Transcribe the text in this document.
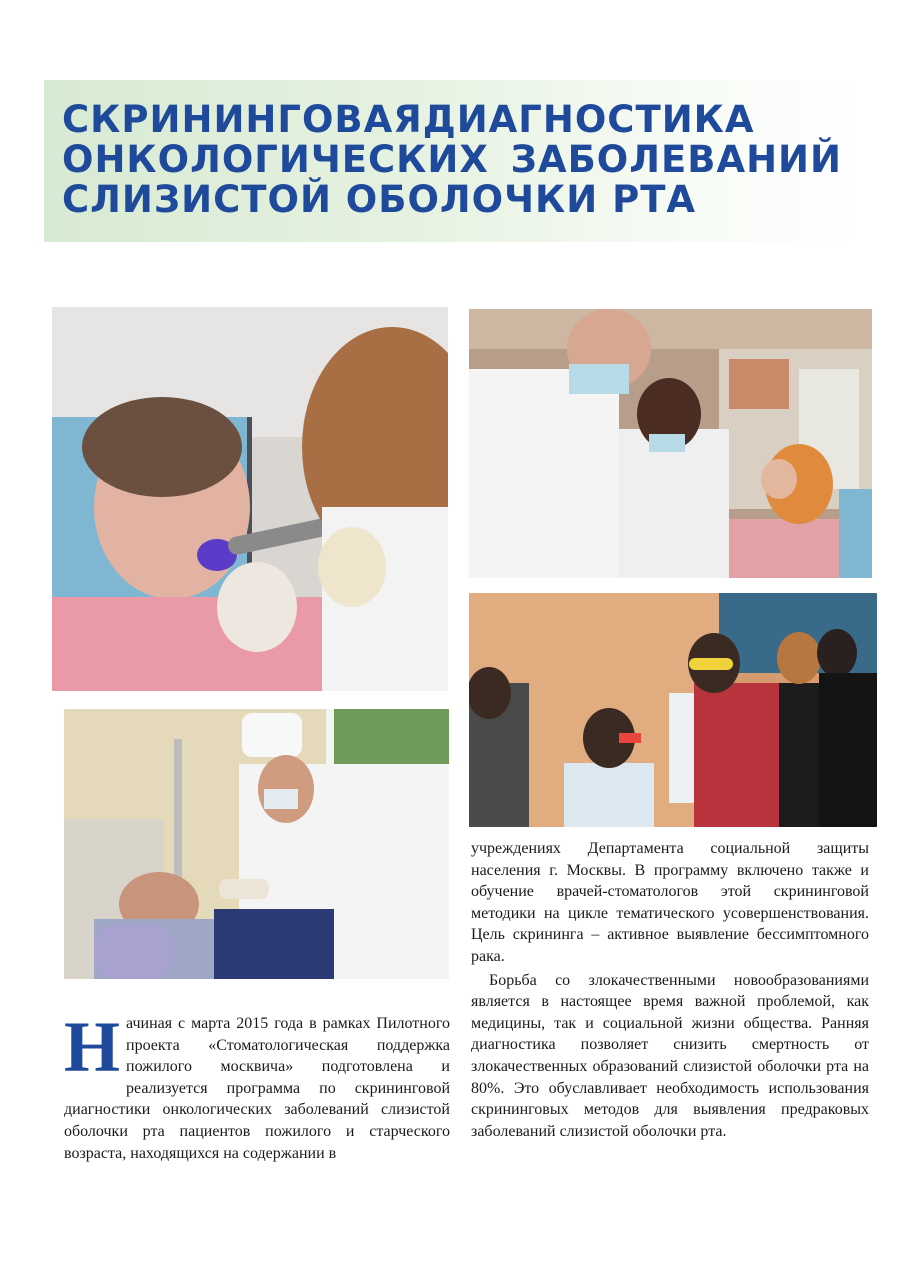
СКРИНИНГОВАЯ ДИАГНОСТИКА
ОНКОЛОГИЧЕСКИХ ЗАБОЛЕВАНИЙ
СЛИЗИСТОЙ ОБОЛОЧКИ РТА

Начиная с марта 2015 года в рамках Пилотного проекта «Стоматологическая поддержка пожилого москвича» подготовлена и реализуется программа по скрининговой диагностики онкологических заболеваний слизистой оболочки рта пациентов пожилого и старческого возраста, находящихся на содержании в

учреждениях Департамента социальной защиты населения г. Москвы. В программу включено также и обучение врачей-стоматологов этой скрининговой методики на цикле тематического усовершенствования. Цель скрининга – активное выявление бессимптомного рака.

Борьба со злокачественными новообразованиями является в настоящее время важной проблемой, как медицины, так и социальной жизни общества. Ранняя диагностика позволяет снизить смертность от злокачественных образований слизистой оболочки рта на 80%. Это обуславливает необходимость использования скрининговых методов для выявления предраковых заболеваний слизистой оболочки рта.
